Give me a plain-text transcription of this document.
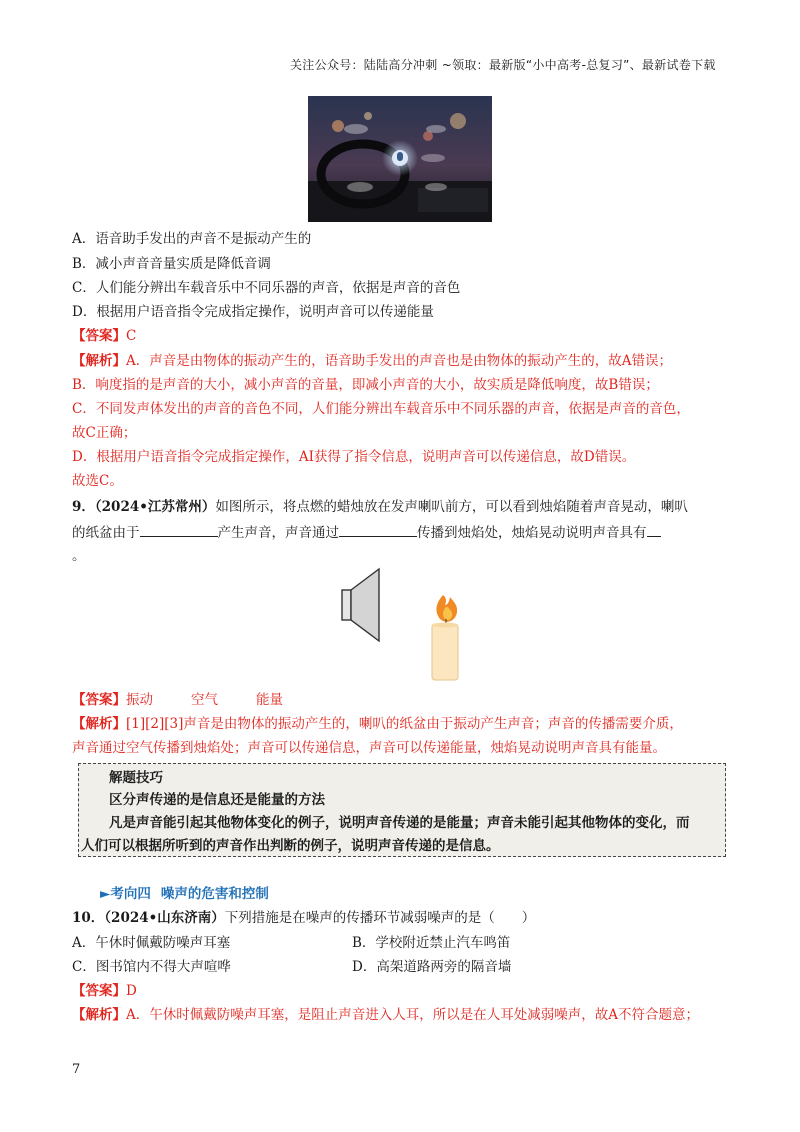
关注公众号：陆陆高分冲刺 ~领取：最新版“小中高考-总复习”、最新试卷下载
A．语音助手发出的声音不是振动产生的
B．减小声音音量实质是降低音调
C．人们能分辨出车载音乐中不同乐器的声音，依据是声音的音色
D．根据用户语音指令完成指定操作，说明声音可以传递能量
【答案】C
【解析】A．声音是由物体的振动产生的，语音助手发出的声音也是由物体的振动产生的，故A错误；
B．响度指的是声音的大小，减小声音的音量，即减小声音的大小，故实质是降低响度，故B错误；
C．不同发声体发出的声音的音色不同，人们能分辨出车载音乐中不同乐器的声音，依据是声音的音色，
故C正确；
D．根据用户语音指令完成指定操作，AI获得了指令信息，说明声音可以传递信息，故D错误。
故选C。
9．（2024•江苏常州）如图所示，将点燃的蜡烛放在发声喇叭前方，可以看到烛焰随着声音晃动，喇叭
的纸盆由于	产生声音，声音通过	传播到烛焰处，烛焰晃动说明声音具有
。
【答案】振动	空气	能量
【解析】[1][2][3]声音是由物体的振动产生的，喇叭的纸盆由于振动产生声音；声音的传播需要介质，
声音通过空气传播到烛焰处；声音可以传递信息，声音可以传递能量，烛焰晃动说明声音具有能量。
解题技巧
区分声传递的是信息还是能量的方法
凡是声音能引起其他物体变化的例子，说明声音传递的是能量；声音未能引起其他物体的变化，而
人们可以根据所听到的声音作出判断的例子，说明声音传递的是信息。
►考向四 噪声的危害和控制
10．（2024•山东济南）下列措施是在噪声的传播环节减弱噪声的是（　　）
A．午休时佩戴防噪声耳塞	B．学校附近禁止汽车鸣笛
C．图书馆内不得大声喧哗	D．高架道路两旁的隔音墙
【答案】D
【解析】A．午休时佩戴防噪声耳塞，是阻止声音进入人耳，所以是在人耳处减弱噪声，故A不符合题意；
7
